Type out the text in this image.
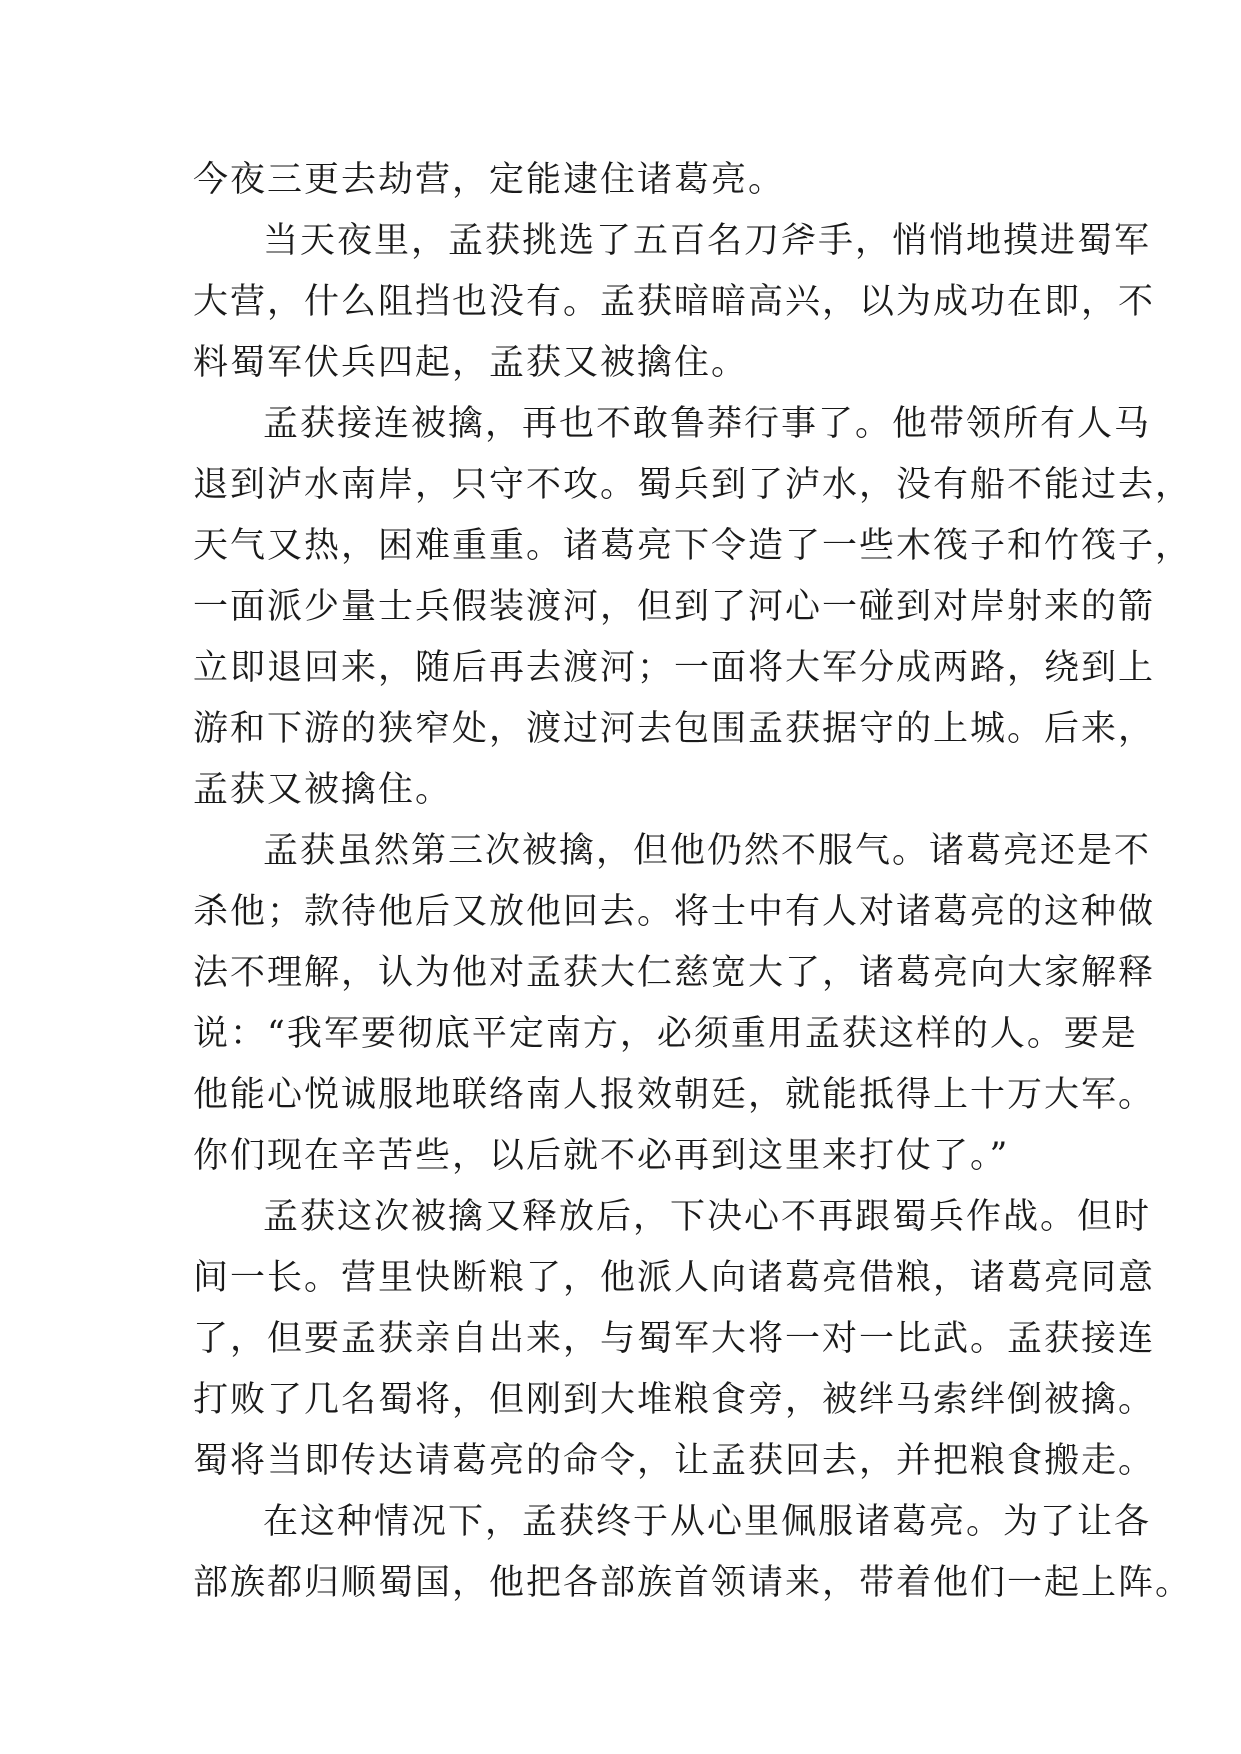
今夜三更去劫营，定能逮住诸葛亮。
当天夜里，孟获挑选了五百名刀斧手，悄悄地摸进蜀军
大营，什么阻挡也没有。孟获暗暗高兴，以为成功在即，不
料蜀军伏兵四起，孟获又被擒住。
孟获接连被擒，再也不敢鲁莽行事了。他带领所有人马
退到泸水南岸，只守不攻。蜀兵到了泸水，没有船不能过去，
天气又热，困难重重。诸葛亮下令造了一些木筏子和竹筏子，
一面派少量士兵假装渡河，但到了河心一碰到对岸射来的箭
立即退回来，随后再去渡河；一面将大军分成两路，绕到上
游和下游的狭窄处，渡过河去包围孟获据守的上城。后来，
孟获又被擒住。
孟获虽然第三次被擒，但他仍然不服气。诸葛亮还是不
杀他；款待他后又放他回去。将士中有人对诸葛亮的这种做
法不理解，认为他对孟获大仁慈宽大了，诸葛亮向大家解释
说：“我军要彻底平定南方，必须重用孟获这样的人。要是
他能心悦诚服地联络南人报效朝廷，就能抵得上十万大军。
你们现在辛苦些，以后就不必再到这里来打仗了。”
孟获这次被擒又释放后，下决心不再跟蜀兵作战。但时
间一长。营里快断粮了，他派人向诸葛亮借粮，诸葛亮同意
了，但要孟获亲自出来，与蜀军大将一对一比武。孟获接连
打败了几名蜀将，但刚到大堆粮食旁，被绊马索绊倒被擒。
蜀将当即传达请葛亮的命令，让孟获回去，并把粮食搬走。
在这种情况下，孟获终于从心里佩服诸葛亮。为了让各
部族都归顺蜀国，他把各部族首领请来，带着他们一起上阵。
